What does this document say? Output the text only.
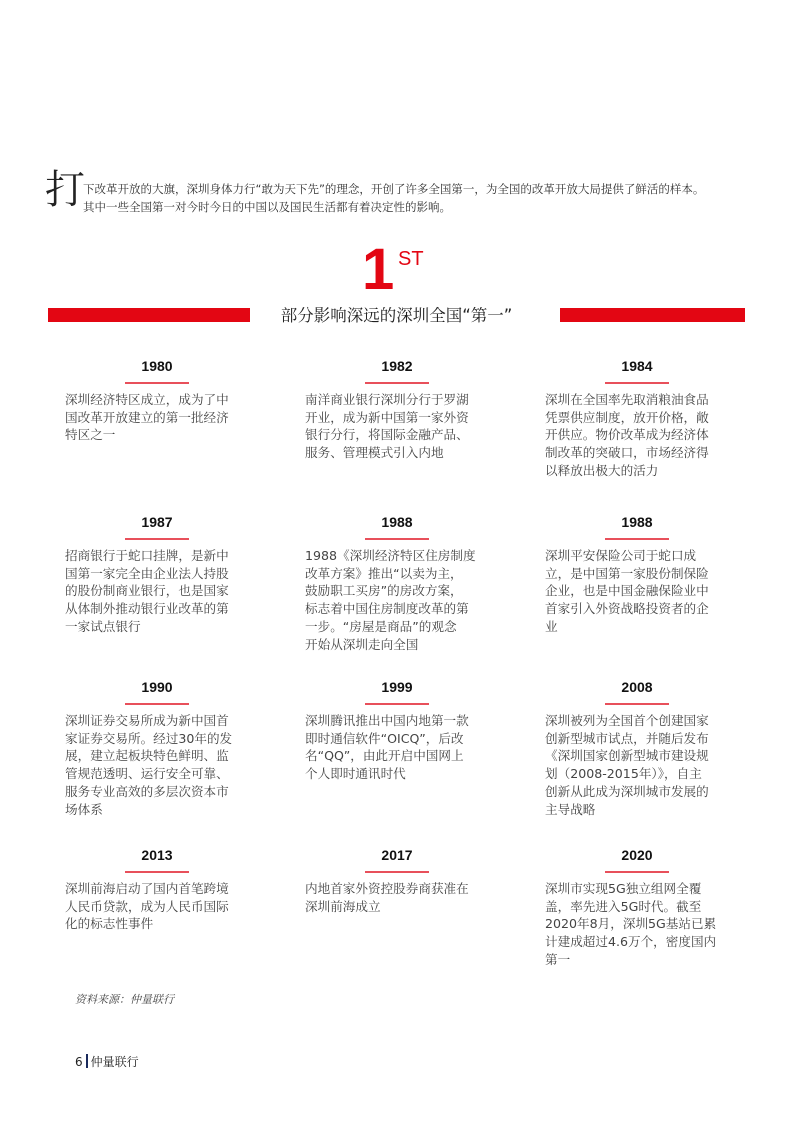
打
下改革开放的大旗，深圳身体力行“敢为天下先”的理念，开创了许多全国第一，为全国的改革开放大局提供了鲜活的样本。
其中一些全国第一对今时今日的中国以及国民生活都有着决定性的影响。
1 ST
部分影响深远的深圳全国“第一”
1980
深圳经济特区成立，成为了中
国改革开放建立的第一批经济
特区之一
1982
南洋商业银行深圳分行于罗湖
开业，成为新中国第一家外资
银行分行，将国际金融产品、
服务、管理模式引入内地
1984
深圳在全国率先取消粮油食品
凭票供应制度，放开价格，敞
开供应。物价改革成为经济体
制改革的突破口，市场经济得
以释放出极大的活力
1987
招商银行于蛇口挂牌，是新中
国第一家完全由企业法人持股
的股份制商业银行，也是国家
从体制外推动银行业改革的第
一家试点银行
1988
1988《深圳经济特区住房制度
改革方案》推出“以卖为主，
鼓励职工买房”的房改方案，
标志着中国住房制度改革的第
一步。“房屋是商品”的观念
开始从深圳走向全国
1988
深圳平安保险公司于蛇口成
立，是中国第一家股份制保险
企业，也是中国金融保险业中
首家引入外资战略投资者的企
业
1990
深圳证券交易所成为新中国首
家证券交易所。经过30年的发
展，建立起板块特色鲜明、监
管规范透明、运行安全可靠、
服务专业高效的多层次资本市
场体系
1999
深圳腾讯推出中国内地第一款
即时通信软件“OICQ”，后改
名“QQ”，由此开启中国网上
个人即时通讯时代
2008
深圳被列为全国首个创建国家
创新型城市试点，并随后发布
《深圳国家创新型城市建设规
划（2008-2015年）》，自主
创新从此成为深圳城市发展的
主导战略
2013
深圳前海启动了国内首笔跨境
人民币贷款，成为人民币国际
化的标志性事件
2017
内地首家外资控股券商获准在
深圳前海成立
2020
深圳市实现5G独立组网全覆
盖，率先进入5G时代。截至
2020年8月，深圳5G基站已累
计建成超过4.6万个，密度国内
第一
资料来源：仲量联行
6 仲量联行
